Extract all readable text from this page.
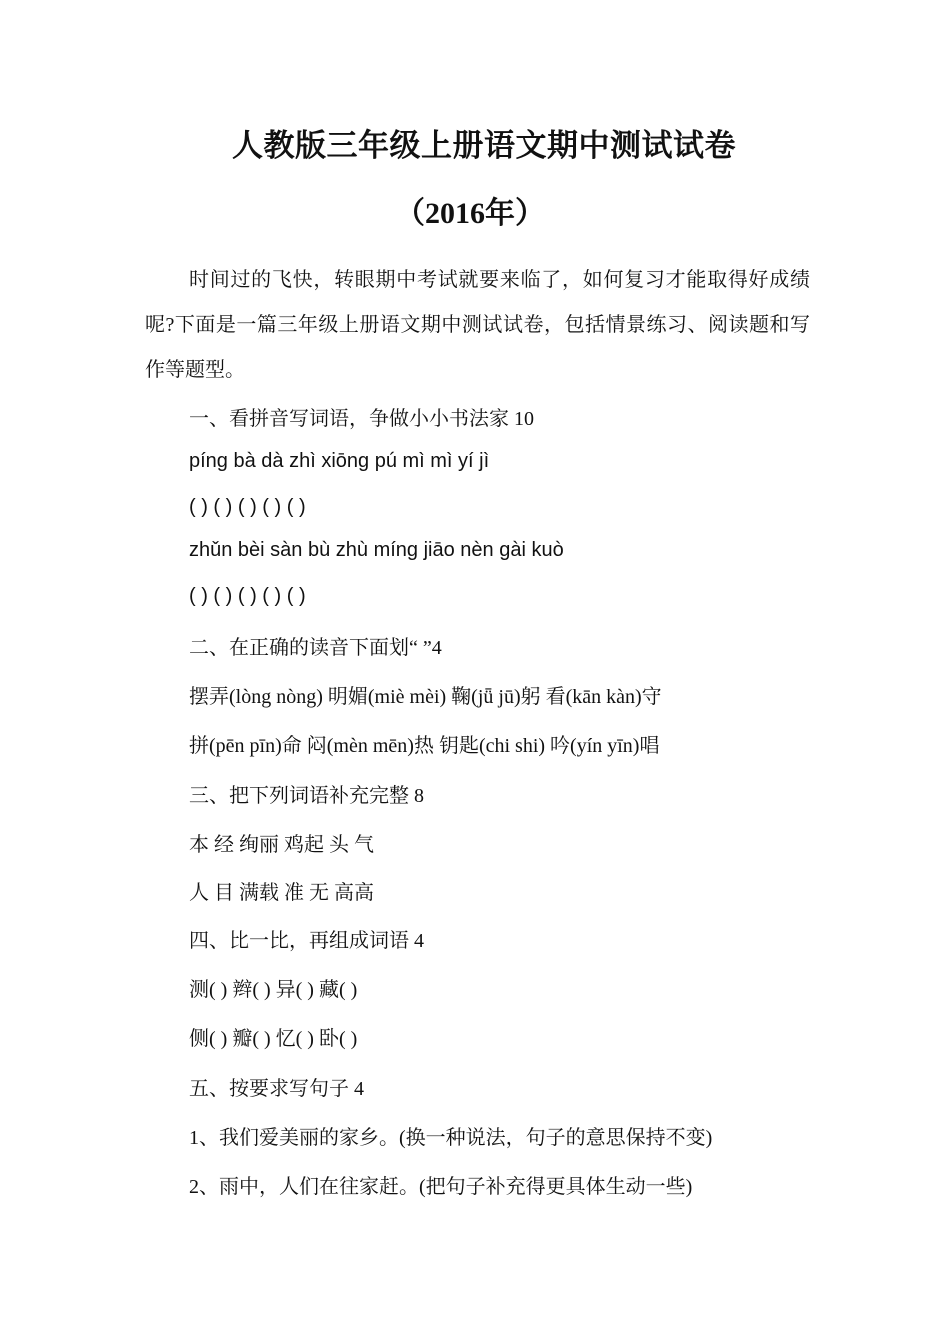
人教版三年级上册语文期中测试试卷
（2016年）

时间过的飞快，转眼期中考试就要来临了，如何复习才能取得好成绩呢?下面是一篇三年级上册语文期中测试试卷，包括情景练习、阅读题和写作等题型。

一、看拼音写词语，争做小小书法家 10

píng bà dà zhì xiōng pú mì mì yí jì

( ) ( ) ( ) ( ) ( )

zhǔn bèi sàn bù zhù míng jiāo nèn gài kuò

( ) ( ) ( ) ( ) ( )

二、在正确的读音下面划“ ”4

摆弄(lòng nòng) 明媚(miè mèi) 鞠(jǖ jū)躬 看(kān kàn)守

拼(pēn pīn)命 闷(mèn mēn)热 钥匙(chi shi) 吟(yín yīn)唱

三、把下列词语补充完整 8

本 经 绚丽 鸡起 头 气

人 目 满载 准 无 高高

四、比一比，再组成词语 4

测( ) 辫( ) 异( ) 藏( )

侧( ) 瓣( ) 忆( ) 卧( )

五、按要求写句子 4

1、我们爱美丽的家乡。(换一种说法，句子的意思保持不变)

2、雨中，人们在往家赶。(把句子补充得更具体生动一些)
